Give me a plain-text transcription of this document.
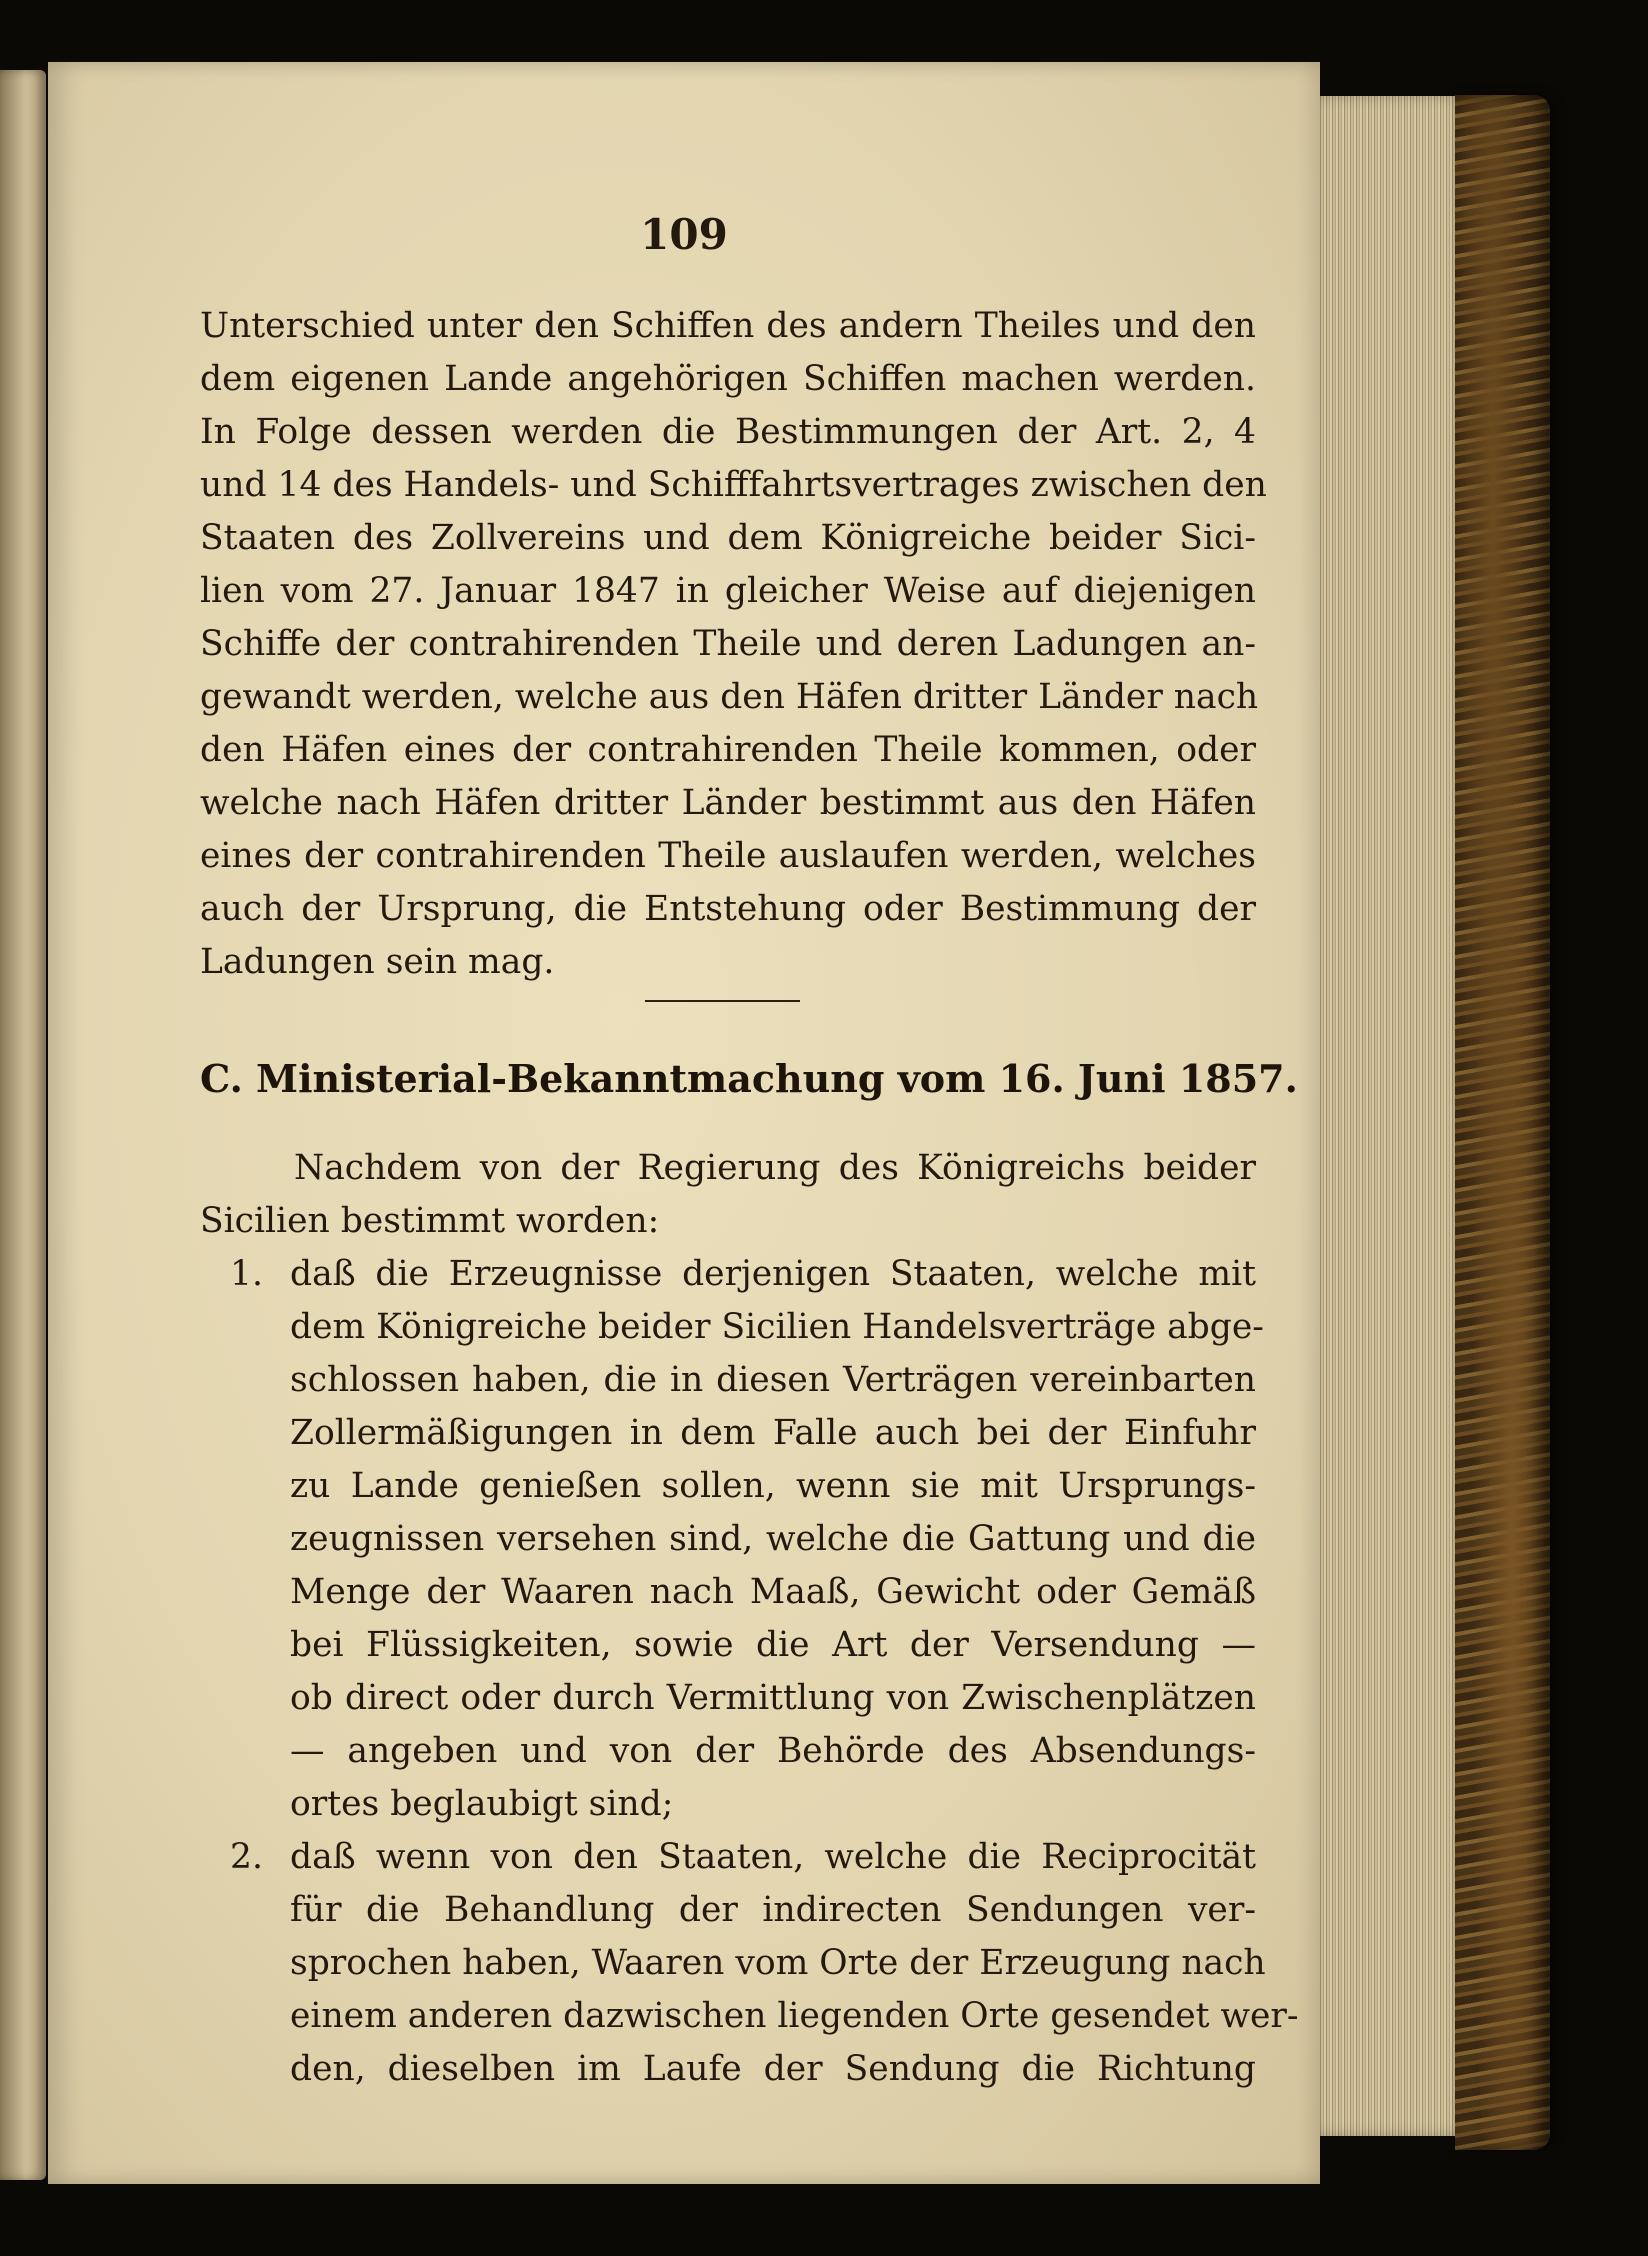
109
Unterschied unter den Schiffen des andern Theiles und den
dem eigenen Lande angehörigen Schiffen machen werden.
In Folge dessen werden die Bestimmungen der Art. 2, 4
und 14 des Handels- und Schifffahrtsvertrages zwischen den
Staaten des Zollvereins und dem Königreiche beider Sici-
lien vom 27. Januar 1847 in gleicher Weise auf diejenigen
Schiffe der contrahirenden Theile und deren Ladungen an-
gewandt werden, welche aus den Häfen dritter Länder nach
den Häfen eines der contrahirenden Theile kommen, oder
welche nach Häfen dritter Länder bestimmt aus den Häfen
eines der contrahirenden Theile auslaufen werden, welches
auch der Ursprung, die Entstehung oder Bestimmung der
Ladungen sein mag.
C. Ministerial-Bekanntmachung vom 16. Juni 1857.
Nachdem von der Regierung des Königreichs beider
Sicilien bestimmt worden:
1. daß die Erzeugnisse derjenigen Staaten, welche mit
dem Königreiche beider Sicilien Handelsverträge abge-
schlossen haben, die in diesen Verträgen vereinbarten
Zollermäßigungen in dem Falle auch bei der Einfuhr
zu Lande genießen sollen, wenn sie mit Ursprungs-
zeugnissen versehen sind, welche die Gattung und die
Menge der Waaren nach Maaß, Gewicht oder Gemäß
bei Flüssigkeiten, sowie die Art der Versendung —
ob direct oder durch Vermittlung von Zwischenplätzen
— angeben und von der Behörde des Absendungs-
ortes beglaubigt sind;
2. daß wenn von den Staaten, welche die Reciprocität
für die Behandlung der indirecten Sendungen ver-
sprochen haben, Waaren vom Orte der Erzeugung nach
einem anderen dazwischen liegenden Orte gesendet wer-
den, dieselben im Laufe der Sendung die Richtung
